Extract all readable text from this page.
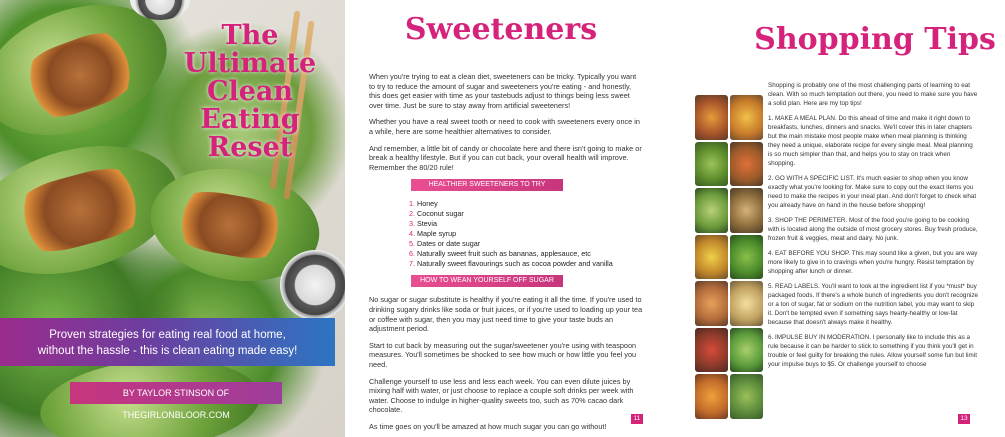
The
Ultimate
Clean
Eating
Reset
Proven strategies for eating real food at home,
without the hassle - this is clean eating made easy!
BY TAYLOR STINSON OF THEGIRLONBLOOR.COM
Sweeteners

When you're trying to eat a clean diet, sweeteners can be tricky. Typically you want to try to reduce the amount of sugar and sweeteners you're eating - and honestly, this does get easier with time as your tastebuds adjust to things being less sweet over time. Just be sure to stay away from artificial sweeteners!

Whether you have a real sweet tooth or need to cook with sweeteners every once in a while, here are some healthier alternatives to consider.

And remember, a little bit of candy or chocolate here and there isn't going to make or break a healthy lifestyle. But if you can cut back, your overall health will improve. Remember the 80/20 rule!

HEALTHIER SWEETENERS TO TRY
1. Honey
2. Coconut sugar
3. Stevia
4. Maple syrup
5. Dates or date sugar
6. Naturally sweet fruit such as bananas, applesauce, etc
7. Naturally sweet flavourings such as cocoa powder and vanilla
HOW TO WEAN YOURSELF OFF SUGAR

No sugar or sugar substitute is healthy if you're eating it all the time. If you're used to drinking sugary drinks like soda or fruit juices, or if you're used to loading up your tea or coffee with sugar, then you may just need time to give your taste buds an adjustment period.

Start to cut back by measuring out the sugar/sweetener you're using with teaspoon measures. You'll sometimes be shocked to see how much or how little you feel you need.

Challenge yourself to use less and less each week. You can even dilute juices by mixing half with water, or just choose to replace a couple soft drinks per week with water. Choose to indulge in higher-quality sweets too, such as 70% cacao dark chocolate.

As time goes on you'll be amazed at how much sugar you can go without!

11
Shopping Tips

Shopping is probably one of the most challenging parts of learning to eat clean. With so much temptation out there, you need to make sure you have a solid plan. Here are my top tips!

1. MAKE A MEAL PLAN. Do this ahead of time and make it right down to breakfasts, lunches, dinners and snacks. We'll cover this in later chapters but the main mistake most people make when meal planning is thinking they need a unique, elaborate recipe for every single meal. Meal planning is so much simpler than that, and helps you to stay on track when shopping.

2. GO WITH A SPECIFIC LIST. It's much easier to shop when you know exactly what you're looking for. Make sure to copy out the exact items you need to make the recipes in your meal plan. And don't forget to check what you already have on hand in the house before shopping!

3. SHOP THE PERIMETER. Most of the food you're going to be cooking with is located along the outside of most grocery stores. Buy fresh produce, frozen fruit & veggies, meat and dairy. No junk.

4. EAT BEFORE YOU SHOP. This may sound like a given, but you are way more likely to give in to cravings when you're hungry. Resist temptation by shopping after lunch or dinner.

5. READ LABELS. You'll want to look at the ingredient list if you *must* buy packaged foods. If there's a whole bunch of ingredients you don't recognize or a ton of sugar, fat or sodium on the nutrition label, you may want to skip it. Don't be tempted even if something says hearty-healthy or low-fat because that doesn't always make it healthy.

6. IMPULSE BUY IN MODERATION. I personally like to include this as a rule because it can be harder to stick to something if you think you'll get in trouble or feel guilty for breaking the rules. Allow yourself some fun but limit your impulse buys to $5. Or challenge yourself to choose

13
